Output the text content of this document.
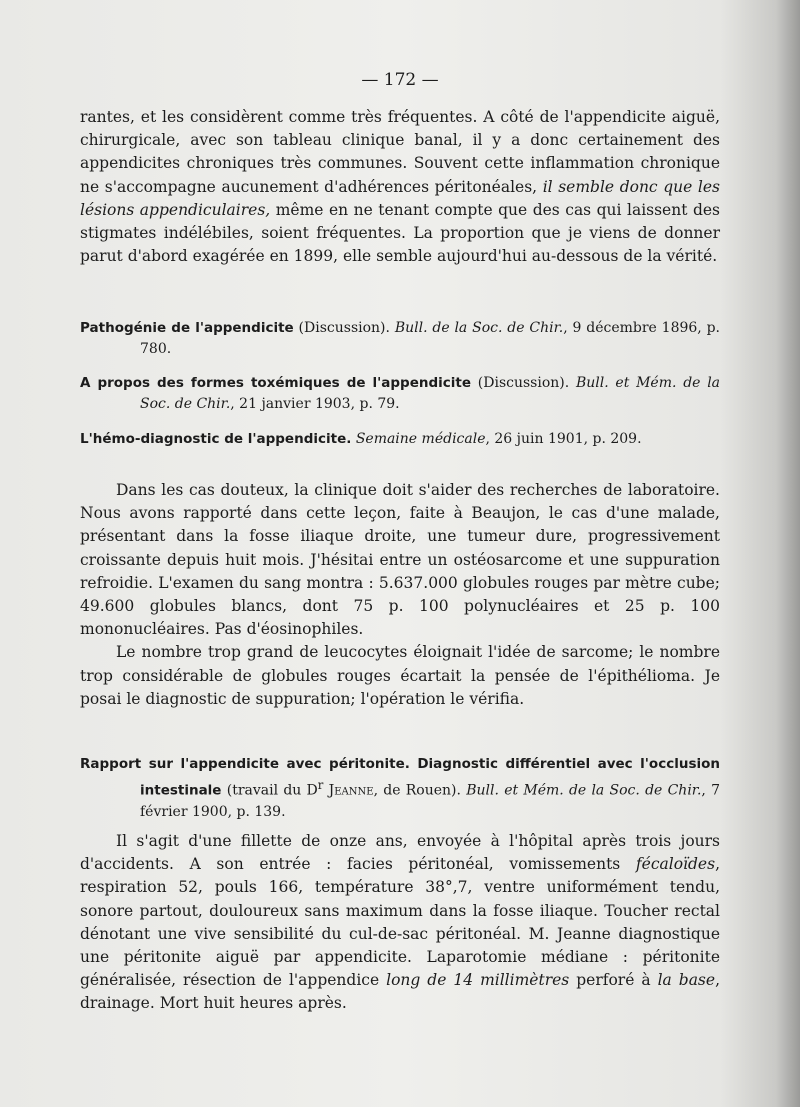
— 172 —

rantes, et les considèrent comme très fréquentes. A côté de l'appendicite aiguë, chirurgicale, avec son tableau clinique banal, il y a donc certainement des appendicites chroniques très communes. Souvent cette inflammation chronique ne s'accompagne aucunement d'adhérences péritonéales, il semble donc que les lésions appendiculaires, même en ne tenant compte que des cas qui laissent des stigmates indélébiles, soient fréquentes. La proportion que je viens de donner parut d'abord exagérée en 1899, elle semble aujourd'hui au-dessous de la vérité.

Pathogénie de l'appendicite (Discussion). Bull. de la Soc. de Chir., 9 décembre 1896, p. 780.

A propos des formes toxémiques de l'appendicite (Discussion). Bull. et Mém. de la Soc. de Chir., 21 janvier 1903, p. 79.

L'hémo-diagnostic de l'appendicite. Semaine médicale, 26 juin 1901, p. 209.

Dans les cas douteux, la clinique doit s'aider des recherches de laboratoire. Nous avons rapporté dans cette leçon, faite à Beaujon, le cas d'une malade, présentant dans la fosse iliaque droite, une tumeur dure, progressivement croissante depuis huit mois. J'hésitai entre un ostéosarcome et une suppuration refroidie. L'examen du sang montra : 5.637.000 globules rouges par mètre cube; 49.600 globules blancs, dont 75 p. 100 polynucléaires et 25 p. 100 mononucléaires. Pas d'éosinophiles.

Le nombre trop grand de leucocytes éloignait l'idée de sarcome; le nombre trop considérable de globules rouges écartait la pensée de l'épithélioma. Je posai le diagnostic de suppuration; l'opération le vérifia.

Rapport sur l'appendicite avec péritonite. Diagnostic différentiel avec l'occlusion intestinale (travail du $D^r$ Jeanne, de Rouen). Bull. et Mém. de la Soc. de Chir., 7 février 1900, p. 139.

Il s'agit d'une fillette de onze ans, envoyée à l'hôpital après trois jours d'accidents. A son entrée : facies péritonéal, vomissements fécaloïdes, respiration 52, pouls 166, température 38°,7, ventre uniformément tendu, sonore partout, douloureux sans maximum dans la fosse iliaque. Toucher rectal dénotant une vive sensibilité du cul-de-sac péritonéal. M. Jeanne diagnostique une péritonite aiguë par appendicite. Laparotomie médiane : péritonite généralisée, résection de l'appendice long de 14 millimètres perforé à la base, drainage. Mort huit heures après.
